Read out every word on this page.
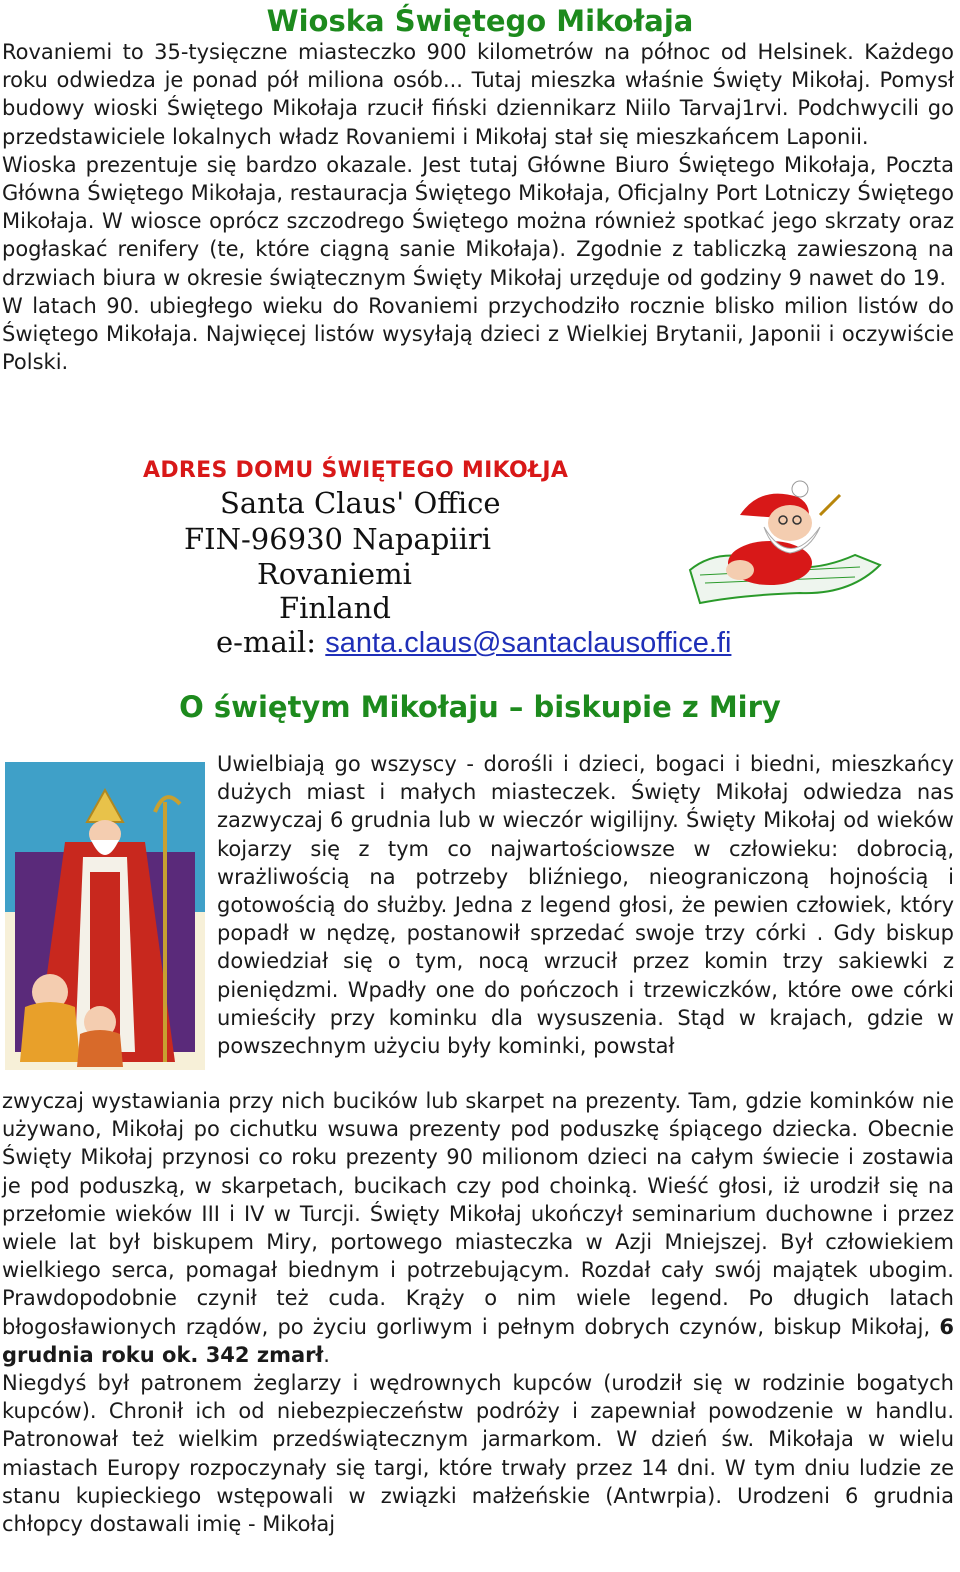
Wioska Świętego Mikołaja

Rovaniemi to 35-tysięczne miasteczko 900 kilometrów na północ od Helsinek. Każdego roku odwiedza je ponad pół miliona osób... Tutaj mieszka właśnie Święty Mikołaj. Pomysł budowy wioski Świętego Mikołaja rzucił fiński dziennikarz Niilo Tarvaj1rvi. Podchwycili go przedstawiciele lokalnych władz Rovaniemi i Mikołaj stał się mieszkańcem Laponii.

Wioska prezentuje się bardzo okazale. Jest tutaj Główne Biuro Świętego Mikołaja, Poczta Główna Świętego Mikołaja, restauracja Świętego Mikołaja, Oficjalny Port Lotniczy Świętego Mikołaja. W wiosce oprócz szczodrego Świętego można również spotkać jego skrzaty oraz pogłaskać renifery (te, które ciągną sanie Mikołaja). Zgodnie z tabliczką zawieszoną na drzwiach biura w okresie świątecznym Święty Mikołaj urzęduje od godziny 9 nawet do 19.

W latach 90. ubiegłego wieku do Rovaniemi przychodziło rocznie blisko milion listów do Świętego Mikołaja. Najwięcej listów wysyłają dzieci z Wielkiej Brytanii, Japonii i oczywiście Polski.

ADRES DOMU ŚWIĘTEGO MIKOŁJA
Santa Claus' Office
FIN-96930 Napapiiri
Rovaniemi
Finland
e-mail: santa.claus@santaclausoffice.fi
O świętym Mikołaju – biskupie z Miry
Uwielbiają go wszyscy - dorośli i dzieci, bogaci i biedni, mieszkańcy dużych miast i małych miasteczek. Święty Mikołaj odwiedza nas zazwyczaj 6 grudnia lub w wieczór wigilijny. Święty Mikołaj od wieków kojarzy się z tym co najwartościowsze w człowieku: dobrocią, wrażliwością na potrzeby bliźniego, nieograniczoną hojnością i gotowością do służby. Jedna z legend głosi, że pewien człowiek, który popadł w nędzę, postanowił sprzedać swoje trzy córki . Gdy biskup dowiedział się o tym, nocą wrzucił przez komin trzy sakiewki z pieniędzmi. Wpadły one do pończoch i trzewiczków, które owe córki umieściły przy kominku dla wysuszenia. Stąd w krajach, gdzie w powszechnym użyciu były kominki, powstał

zwyczaj wystawiania przy nich bucików lub skarpet na prezenty. Tam, gdzie kominków nie używano, Mikołaj po cichutku wsuwa prezenty pod poduszkę śpiącego dziecka. Obecnie Święty Mikołaj przynosi co roku prezenty 90 milionom dzieci na całym świecie i zostawia je pod poduszką, w skarpetach, bucikach czy pod choinką. Wieść głosi, iż urodził się na przełomie wieków III i IV w Turcji. Święty Mikołaj ukończył seminarium duchowne i przez wiele lat był biskupem Miry, portowego miasteczka w Azji Mniejszej. Był człowiekiem wielkiego serca, pomagał biednym i potrzebującym. Rozdał cały swój majątek ubogim. Prawdopodobnie czynił też cuda. Krąży o nim wiele legend. Po długich latach błogosławionych rządów, po życiu gorliwym i pełnym dobrych czynów, biskup Mikołaj, 6 grudnia roku ok. 342 zmarł.

Niegdyś był patronem żeglarzy i wędrownych kupców (urodził się w rodzinie bogatych kupców). Chronił ich od niebezpieczeństw podróży i zapewniał powodzenie w handlu. Patronował też wielkim przedświątecznym jarmarkom. W dzień św. Mikołaja w wielu miastach Europy rozpoczynały się targi, które trwały przez 14 dni. W tym dniu ludzie ze stanu kupieckiego wstępowali w związki małżeńskie (Antwrpia). Urodzeni 6 grudnia chłopcy dostawali imię - Mikołaj
